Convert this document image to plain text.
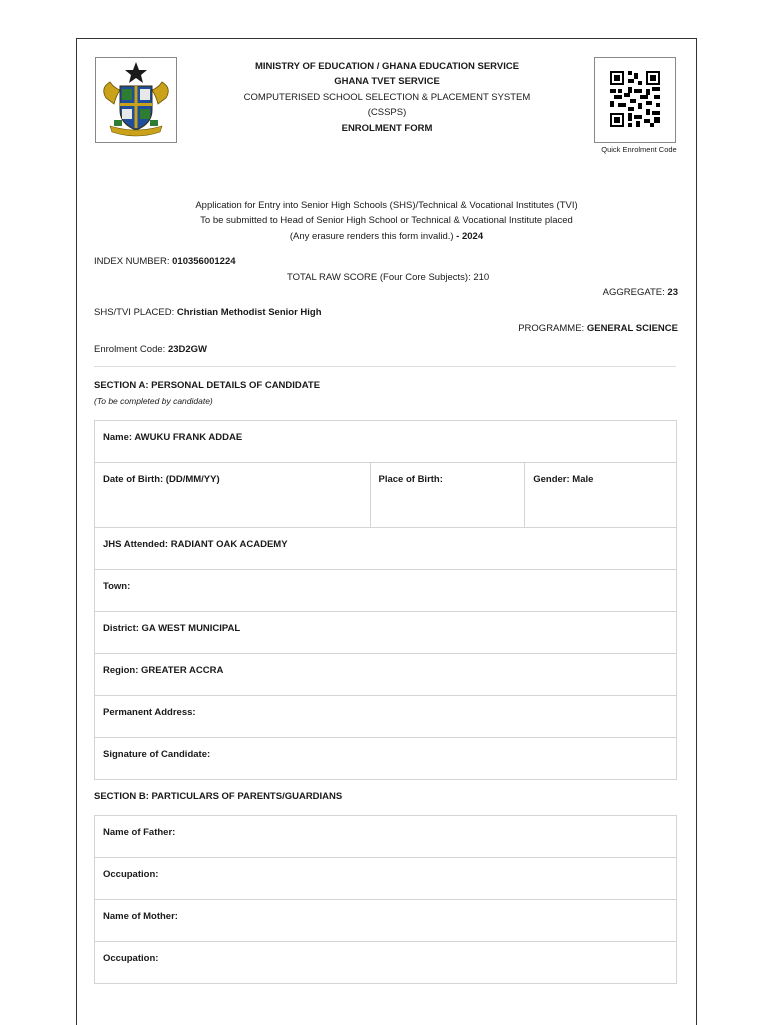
MINISTRY OF EDUCATION / GHANA EDUCATION SERVICE
GHANA TVET SERVICE
COMPUTERISED SCHOOL SELECTION & PLACEMENT SYSTEM
(CSSPS)
ENROLMENT FORM
Quick Enrolment Code
Application for Entry into Senior High Schools (SHS)/Technical & Vocational Institutes (TVI)
To be submitted to Head of Senior High School or Technical & Vocational Institute placed
(Any erasure renders this form invalid.) - 2024
INDEX NUMBER: 010356001224
TOTAL RAW SCORE (Four Core Subjects): 210
AGGREGATE: 23
SHS/TVI PLACED: Christian Methodist Senior High
PROGRAMME: GENERAL SCIENCE
Enrolment Code: 23D2GW
SECTION A: PERSONAL DETAILS OF CANDIDATE
(To be completed by candidate)
Name: AWUKU FRANK ADDAE

Date of Birth: (DD/MM/YY)	Place of Birth:	Gender: Male

JHS Attended: RADIANT OAK ACADEMY

Town:

District: GA WEST MUNICIPAL

Region: GREATER ACCRA

Permanent Address:

Signature of Candidate:
SECTION B: PARTICULARS OF PARENTS/GUARDIANS
Name of Father:

Occupation:

Name of Mother:

Occupation:
